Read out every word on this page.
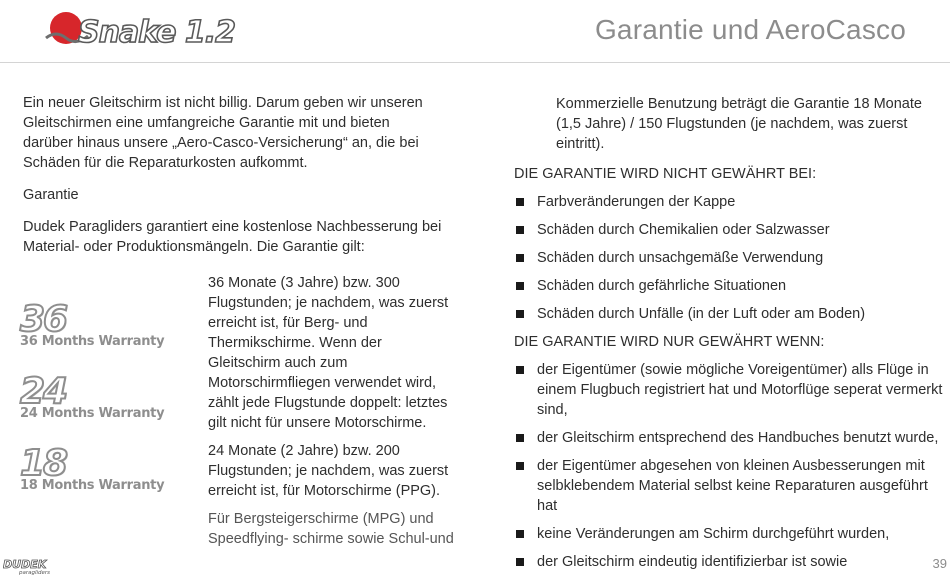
Snake 1.2	Garantie und AeroCasco

Ein neuer Gleitschirm ist nicht billig. Darum geben wir unseren Gleitschirmen eine umfangreiche Garantie mit und bieten darüber hinaus unsere „Aero-Casco-Versicherung“ an, die bei Schäden für die Reparaturkosten aufkommt.

Garantie

Dudek Paragliders garantiert eine kostenlose Nachbesserung bei Material- oder Produktionsmängeln. Die Garantie gilt:

36
36 Months Warranty
24
24 Months Warranty
18
18 Months Warranty

36 Monate (3 Jahre) bzw. 300 Flugstunden; je nachdem, was zuerst erreicht ist, für Berg- und Thermikschirme. Wenn der Gleitschirm auch zum Motorschirmfliegen verwendet wird, zählt jede Flugstunde doppelt: letztes gilt nicht für unsere Motorschirme.

24 Monate (2 Jahre) bzw. 200 Flugstunden; je nachdem, was zuerst erreicht ist, für Motorschirme (PPG).

Für Bergsteigerschirme (MPG) und Speedflying- schirme sowie Schul-und

Kommerzielle Benutzung beträgt die Garantie 18 Monate (1,5 Jahre) / 150 Flugstunden (je nachdem, was zuerst eintritt).

DIE GARANTIE WIRD NICHT GEWÄHRT BEI:
Farbveränderungen der Kappe
Schäden durch Chemikalien oder Salzwasser
Schäden durch unsachgemäße Verwendung
Schäden durch gefährliche Situationen
Schäden durch Unfälle (in der Luft oder am Boden)
DIE GARANTIE WIRD NUR GEWÄHRT WENN:
der Eigentümer (sowie mögliche Voreigentümer) alls Flüge in einem Flugbuch registriert hat und Motorflüge seperat vermerkt sind,
der Gleitschirm entsprechend des Handbuches benutzt wurde,
der Eigentümer abgesehen von kleinen Ausbesserungen mit selbklebendem Material selbst keine Reparaturen ausgeführt hat
keine Veränderungen am Schirm durchgeführt wurden,
der Gleitschirm eindeutig identifizierbar ist sowie
DUDEK
paragliders
39
